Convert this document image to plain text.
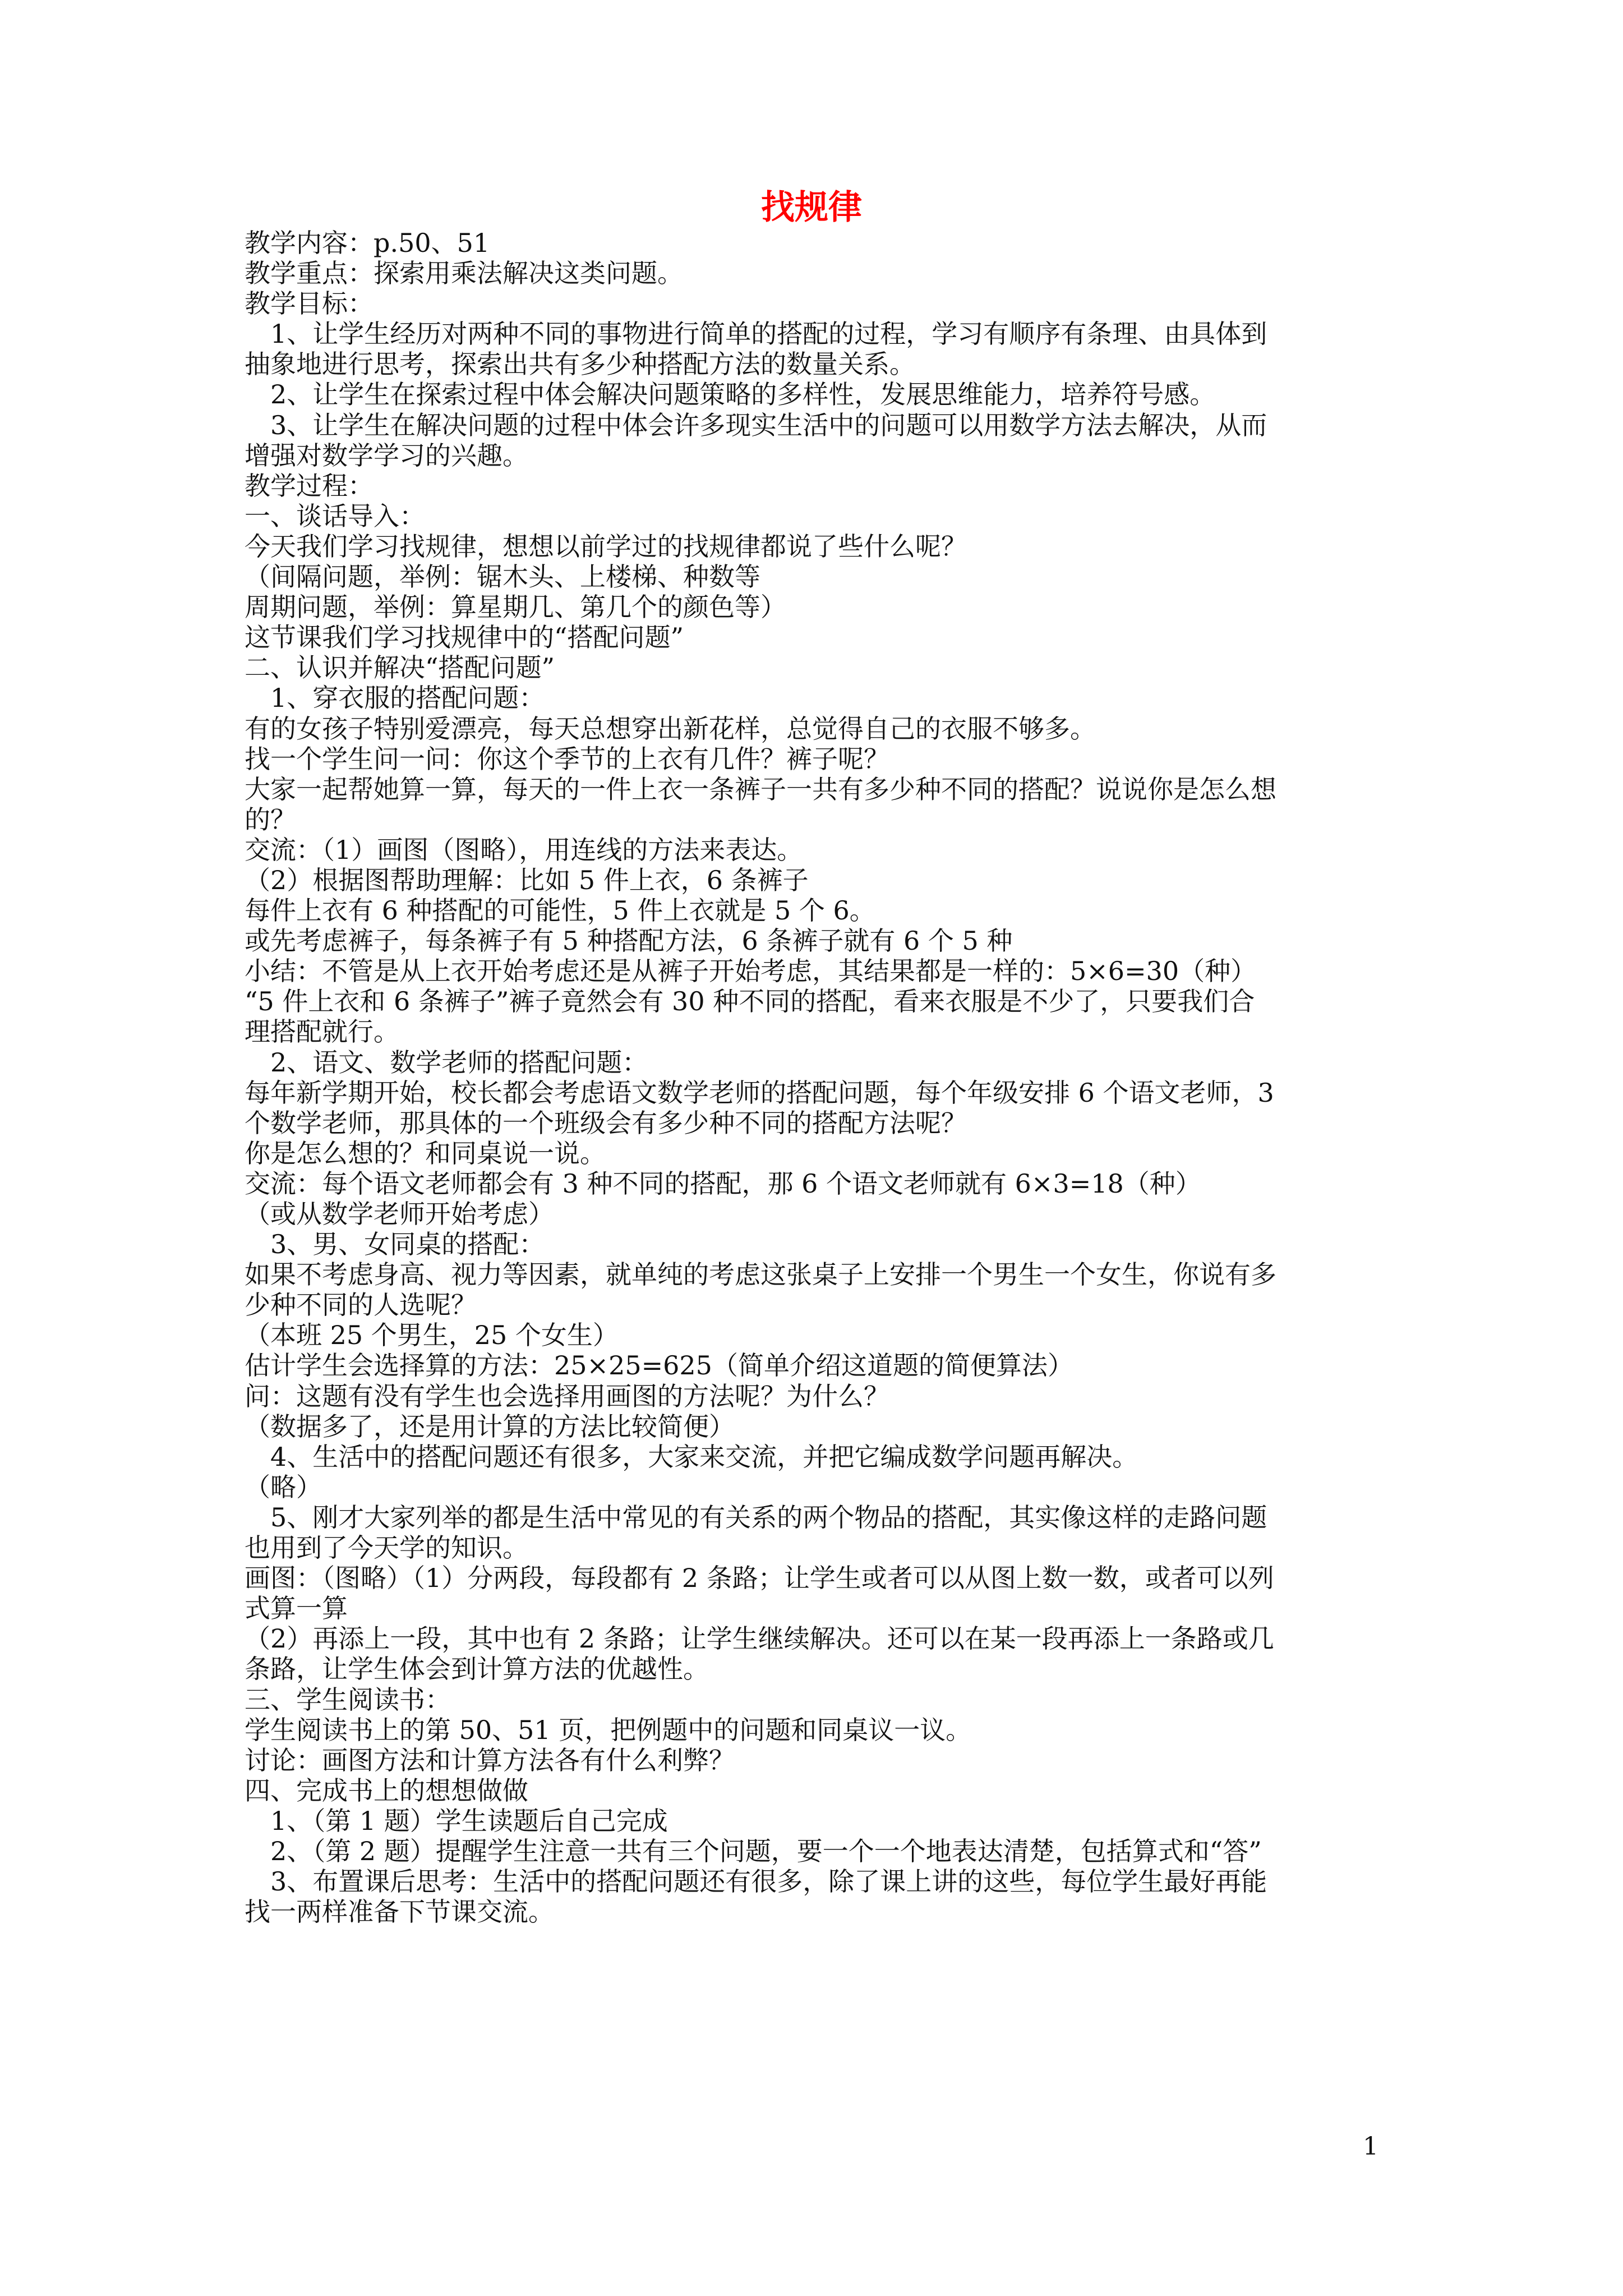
找规律
教学内容：p.50、51
教学重点：探索用乘法解决这类问题。
教学目标：
1、让学生经历对两种不同的事物进行简单的搭配的过程，学习有顺序有条理、由具体到
抽象地进行思考，探索出共有多少种搭配方法的数量关系。
2、让学生在探索过程中体会解决问题策略的多样性，发展思维能力，培养符号感。
3、让学生在解决问题的过程中体会许多现实生活中的问题可以用数学方法去解决，从而
增强对数学学习的兴趣。
教学过程：
一、谈话导入：
今天我们学习找规律，想想以前学过的找规律都说了些什么呢？
（间隔问题，举例：锯木头、上楼梯、种数等
周期问题，举例：算星期几、第几个的颜色等）
这节课我们学习找规律中的“搭配问题”
二、认识并解决“搭配问题”
1、穿衣服的搭配问题：
有的女孩子特别爱漂亮，每天总想穿出新花样，总觉得自己的衣服不够多。
找一个学生问一问：你这个季节的上衣有几件？裤子呢？
大家一起帮她算一算，每天的一件上衣一条裤子一共有多少种不同的搭配？说说你是怎么想
的？
交流：（1）画图（图略），用连线的方法来表达。
（2）根据图帮助理解：比如 5 件上衣，6 条裤子
每件上衣有 6 种搭配的可能性，5 件上衣就是 5 个 6。
或先考虑裤子，每条裤子有 5 种搭配方法，6 条裤子就有 6 个 5 种
小结：不管是从上衣开始考虑还是从裤子开始考虑，其结果都是一样的：5×6=30（种）
“5 件上衣和 6 条裤子”裤子竟然会有 30 种不同的搭配，看来衣服是不少了，只要我们合
理搭配就行。
2、语文、数学老师的搭配问题：
每年新学期开始，校长都会考虑语文数学老师的搭配问题，每个年级安排 6 个语文老师，3
个数学老师，那具体的一个班级会有多少种不同的搭配方法呢？
你是怎么想的？和同桌说一说。
交流：每个语文老师都会有 3 种不同的搭配，那 6 个语文老师就有 6×3=18（种）
（或从数学老师开始考虑）
3、男、女同桌的搭配：
如果不考虑身高、视力等因素，就单纯的考虑这张桌子上安排一个男生一个女生，你说有多
少种不同的人选呢？
（本班 25 个男生，25 个女生）
估计学生会选择算的方法：25×25=625（简单介绍这道题的简便算法）
问：这题有没有学生也会选择用画图的方法呢？为什么？
（数据多了，还是用计算的方法比较简便）
4、生活中的搭配问题还有很多，大家来交流，并把它编成数学问题再解决。
（略）
5、刚才大家列举的都是生活中常见的有关系的两个物品的搭配，其实像这样的走路问题
也用到了今天学的知识。
画图：（图略）（1）分两段，每段都有 2 条路；让学生或者可以从图上数一数，或者可以列
式算一算
（2）再添上一段，其中也有 2 条路；让学生继续解决。还可以在某一段再添上一条路或几
条路，让学生体会到计算方法的优越性。
三、学生阅读书：
学生阅读书上的第 50、51 页，把例题中的问题和同桌议一议。
讨论：画图方法和计算方法各有什么利弊？
四、完成书上的想想做做
1、（第 1 题）学生读题后自己完成
2、（第 2 题）提醒学生注意一共有三个问题，要一个一个地表达清楚，包括算式和“答”
3、布置课后思考：生活中的搭配问题还有很多，除了课上讲的这些，每位学生最好再能
找一两样准备下节课交流。
1
